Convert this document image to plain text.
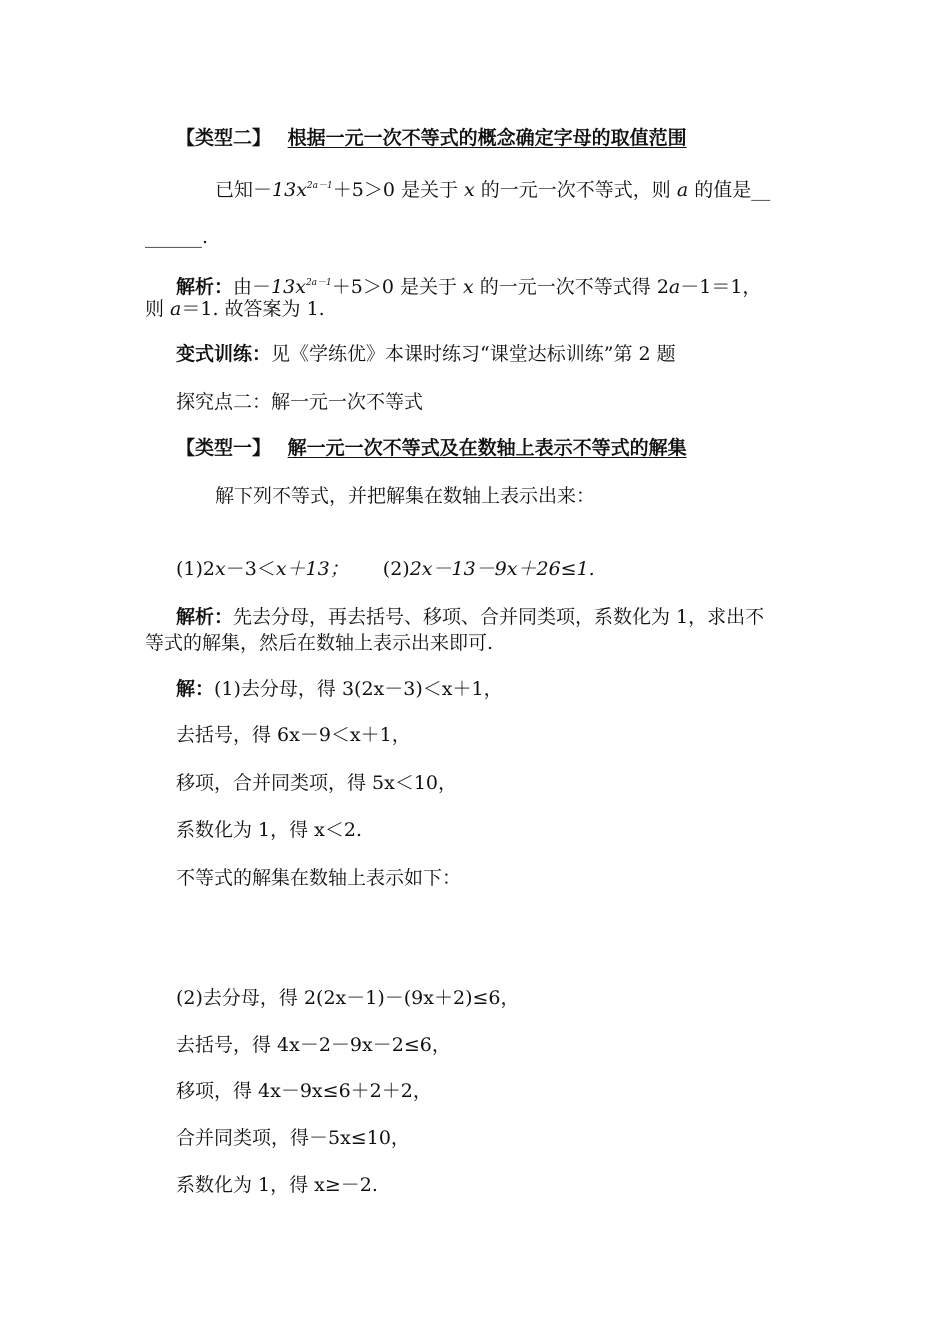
【类型二】 根据一元一次不等式的概念确定字母的取值范围
已知$-13x^{2a-1}+5>0$ 是关于 x 的一元一次不等式，则 a 的值是__
______.
解析：由$-13x^{2a-1}+5>0$ 是关于 x 的一元一次不等式得 2a－1＝1，
则 a＝1. 故答案为 1.
变式训练：见《学练优》本课时练习“课堂达标训练”第 2 题
探究点二：解一元一次不等式
【类型一】 解一元一次不等式及在数轴上表示不等式的解集
解下列不等式，并把解集在数轴上表示出来：
(1)2x－3＜x＋13； (2)2x－13－9x＋26≤1.
解析：先去分母，再去括号、移项、合并同类项，系数化为 1，求出不
等式的解集，然后在数轴上表示出来即可.
解：(1)去分母，得 3(2x－3)＜x＋1，
去括号，得 6x－9＜x＋1，
移项，合并同类项，得 5x＜10，
系数化为 1，得 x＜2.
不等式的解集在数轴上表示如下：
(2)去分母，得 2(2x－1)－(9x＋2)≤6，
去括号，得 4x－2－9x－2≤6，
移项，得 4x－9x≤6＋2＋2，
合并同类项，得－5x≤10，
系数化为 1，得 x≥－2.
